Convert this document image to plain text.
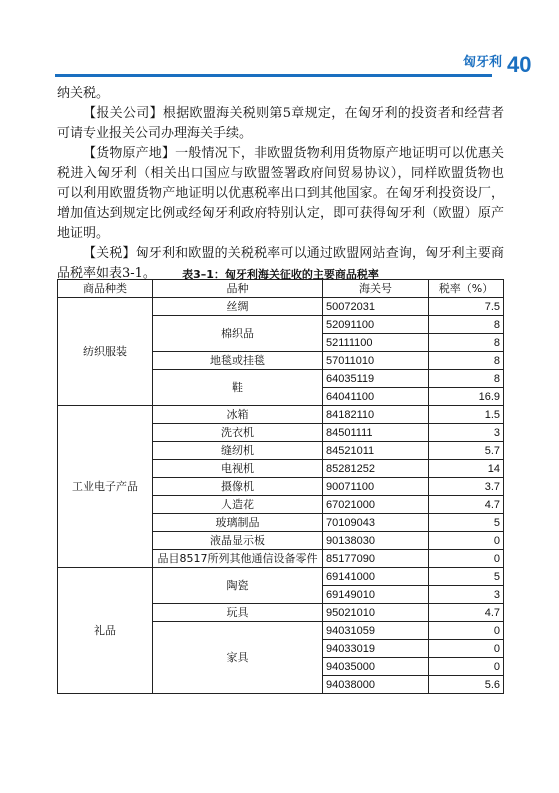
匈牙利 40

纳关税。

【报关公司】根据欧盟海关税则第5章规定，在匈牙利的投资者和经营者可请专业报关公司办理海关手续。

【货物原产地】一般情况下，非欧盟货物利用货物原产地证明可以优惠关税进入匈牙利（相关出口国应与欧盟签署政府间贸易协议），同样欧盟货物也可以利用欧盟货物产地证明以优惠税率出口到其他国家。在匈牙利投资设厂，增加值达到规定比例或经匈牙利政府特别认定，即可获得匈牙利（欧盟）原产地证明。

【关税】匈牙利和欧盟的关税税率可以通过欧盟网站查询，匈牙利主要商品税率如表3-1。	表3–1：匈牙利海关征收的主要商品税率
商品种类	品种	海关号	税率（%）
纺织服装	丝绸	50072031	7.5
	棉织品	52091100	8
		52111100	8
	地毯或挂毯	57011010	8
	鞋	64035119	8
		64041100	16.9
工业电子产品	冰箱	84182110	1.5
	洗衣机	84501111	3
	缝纫机	84521011	5.7
	电视机	85281252	14
	摄像机	90071100	3.7
	人造花	67021000	4.7
	玻璃制品	70109043	5
	液晶显示板	90138030	0
	品目8517所列其他通信设备零件	85177090	0
礼品	陶瓷	69141000	5
		69149010	3
	玩具	95021010	4.7
	家具	94031059	0
		94033019	0
		94035000	0
		94038000	5.6
